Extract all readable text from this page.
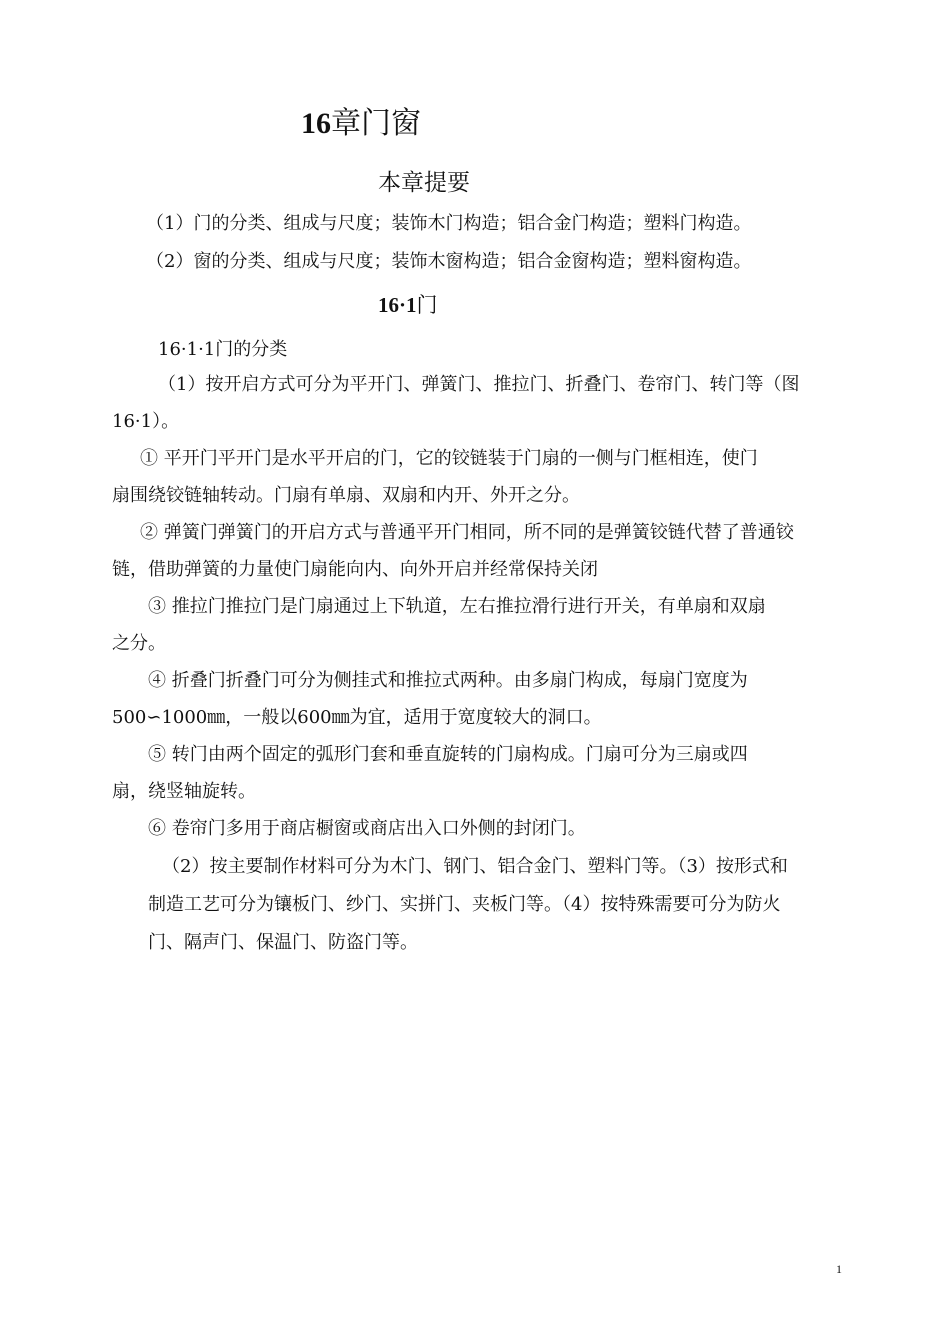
16章门窗
本章提要
（1）门的分类、组成与尺度；装饰木门构造；铝合金门构造；塑料门构造。
（2）窗的分类、组成与尺度；装饰木窗构造；铝合金窗构造；塑料窗构造。
16·1门
16·1·1门的分类
（1）按开启方式可分为平开门、弹簧门、推拉门、折叠门、卷帘门、转门等（图
16·1）。
① 平开门平开门是水平开启的门，它的铰链装于门扇的一侧与门框相连，使门
扇围绕铰链轴转动。门扇有单扇、双扇和内开、外开之分。
② 弹簧门弹簧门的开启方式与普通平开门相同，所不同的是弹簧铰链代替了普通铰
链，借助弹簧的力量使门扇能向内、向外开启并经常保持关闭
③ 推拉门推拉门是门扇通过上下轨道，左右推拉滑行进行开关，有单扇和双扇
之分。
④ 折叠门折叠门可分为侧挂式和推拉式两种。由多扇门构成，每扇门宽度为
500∽1000㎜，一般以600㎜为宜，适用于宽度较大的洞口。
⑤ 转门由两个固定的弧形门套和垂直旋转的门扇构成。门扇可分为三扇或四
扇，绕竖轴旋转。
⑥ 卷帘门多用于商店橱窗或商店出入口外侧的封闭门。
（2）按主要制作材料可分为木门、钢门、铝合金门、塑料门等。（3）按形式和
制造工艺可分为镶板门、纱门、实拼门、夹板门等。（4）按特殊需要可分为防火
门、隔声门、保温门、防盗门等。
1
